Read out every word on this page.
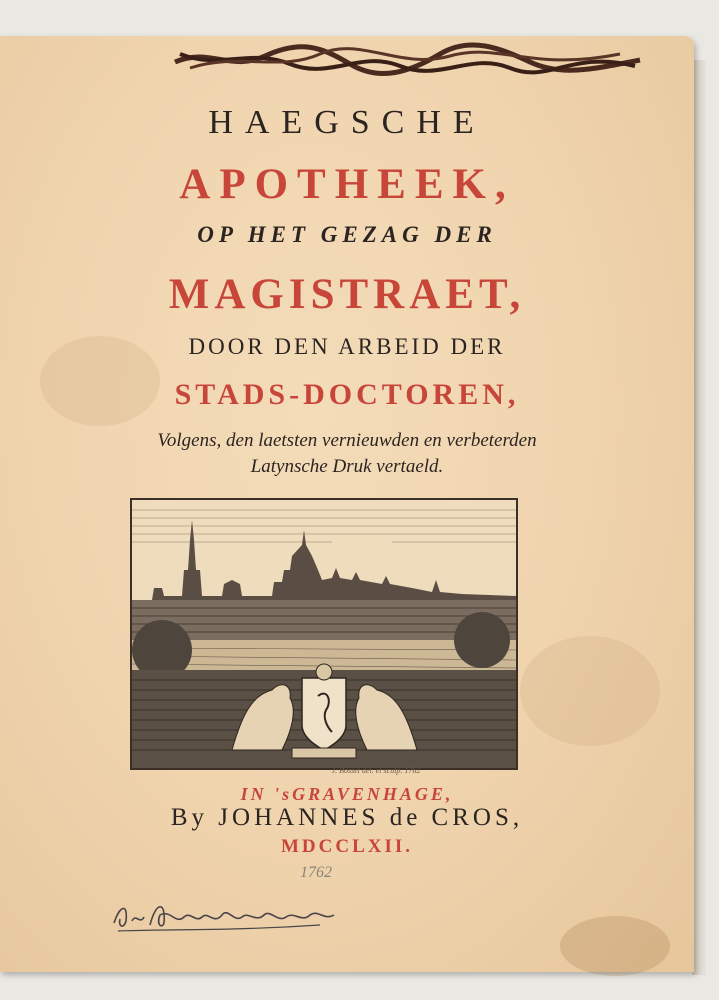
HAEGSCHE
APOTHEEK,
OP HET GEZAG DER
MAGISTRAET,
DOOR DEN ARBEID DER
STADS-DOCTOREN,
Volgens, den laetsten vernieuwden en verbeterden
Latynsche Druk vertaeld.
J. Bosset del. et sculp. 1762
IN 'sGRAVENHAGE,
By JOHANNES de CROS,
MDCCLXII.
1762
